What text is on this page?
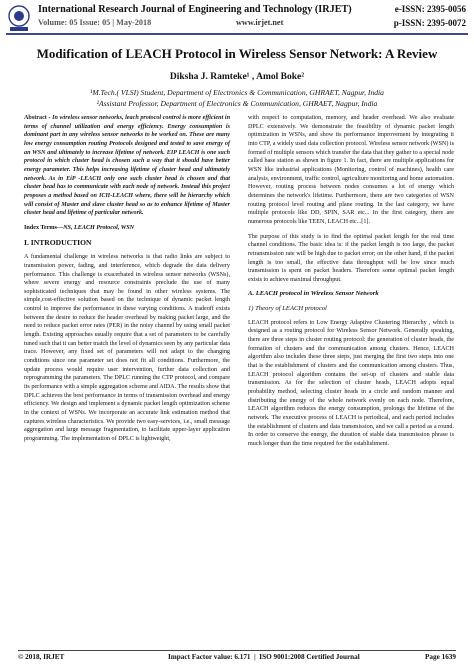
International Research Journal of Engineering and Technology (IRJET)	e-ISSN: 2395-0056
Volume: 05 Issue: 05 | May-2018	www.irjet.net	p-ISSN: 2395-0072
Modification of LEACH Protocol in Wireless Sensor Network: A Review
Diksha J. Ramteke¹ , Amol Boke²
¹M.Tech.( VLSI) Student, Department of Electronics & Communication, GHRAET, Nagpur, India
²Assistant Professor, Department of Electronics & Communication, GHRAET, Nagpur, India

Abstract - In wireless sensor networks, leach protocol control is more efficient in terms of channel utilization and energy efficiency. Energy consumption is dominant part in any wireless sensor networks to be worked on. These are many low energy consumption routing Protocols designed and tested to save energy of an WSN and ultimately to increase lifetime of network. EIP LEACH is one such protocol in which cluster head is chosen such a way that it should have better energy parameter. This helps increasing lifetime of cluster head and ultimately network. As in EiP -LEACH only one such cluster head is chosen and that cluster head has to communicate with each node of network. Instead this project proposes a method based on ICH-LEACH where, there will be hierarchy which will consist of Master and slave cluster head so as to enhance lifetime of Master cluster head and lifetime of particular network.

Index Terms—NS, LEACH Protocol, WSN

I. INTRODUCTION

A fundamental challenge in wireless networks is that radio links are subject to transmission power, fading, and interference, which degrade the data delivery performance. This challenge is exacerbated in wireless sensor networks (WSNs), where severe energy and resource constraints preclude the use of many sophisticated techniques that may be found in other wireless systems. The simple,cost-effective solution based on the technique of dynamic packet length control to improve the performance in these varying conditions. A tradeoff exists between the desire to reduce the header overhead by making packet large, and the need to reduce packet error rates (PER) in the noisy channel by using small packet length. Existing approaches usually require that a set of parameters to be carefully tuned such that it can better match the level of dynamics seen by any particular data trace. However, any fixed set of parameters will not adapt to the changing conditions since one parameter set does not fit all conditions. Furthermore, the update process would require user intervention, further data collection and reprogramming the parameters. The DPLC running the CTP protocol, and compare its performance with a simple aggregation scheme and AIDA. The results show that DPLC achieves the best performance in terms of transmission overhead and energy efficiency. We design and implement a dynamic packet length optimization scheme in the context of WSNs. We incorporate an accurate link estimation method that captures wireless characteristics. We provide two easy-services, i.e., small message aggregation and large message fragmentation, to facilitate upper-layer application programming. The implementation of DPLC is lightweight,

with respect to computation, memory, and header overhead. We also evaluate DPLC extensively. We demonstrate the feasibility of dynamic packet length optimization in WSNs, and show its performance improvement by integrating it into CTP, a widely used data collection protocol. Wireless sensor network (WSN) is formed of multiple sensors which transfer the data that they gather to a special node called base station as shown in figure 1. In fact, there are multiple applications for WSN like industrial applications (Monitoring, control of machines), health care analysis, environment, traffic control, agriculture monitoring and home automation. However, routing process between nodes consumes a lot of energy which determines the network's lifetime. Furthermore, there are two categories of WSN routing protocol level routing and plane routing. In the last category, we have multiple protocols like DD, SPIN, SAR etc... In the first category, there are numerous protocols like TEEN, LEACH etc...[1].

The purpose of this study is to find the optimal packet length for the real time channel conditions. The basic idea is: if the packet length is too large, the packet retransmission rate will be high due to packet error; on the other hand, if the packet length is too small, the effective data throughput will be low since much transmission is spent on packet headers. Therefore some optimal packet length exists to achieve maximal throughput.

A. LEACH protocol in Wireless Sensor Network
1) Theory of LEACH protocol

LEACH protocol refers to Low Energy Adaptive Clustering Hierarchy , which is designed as a routing protocol for Wireless Sensor Network. Generally speaking, there are three steps in cluster routing protocol: the generation of cluster heads, the formation of clusters and the communication among clusters. Hence, LEACH algorithm also includes these three steps, just merging the first two steps into one that is the establishment of clusters and the communication among clusters. Thus, LEACH protocol algorithm contains the set-up of clusters and stable data transmission. As for the selection of cluster heads, LEACH adopts equal probability method, selecting cluster heads in a circle and random manner and distributing the energy of the whole network evenly on each node. Therefore, LEACH algorithm reduces the energy consumption, prolongs the lifetime of the network. The executive process of LEACH is periodical, and each period includes the establishment of clusters and data transmission, and we call a period as a round. In order to conserve the energy, the duration of stable data transmission phrase is much longer than the time required for the establishment.

© 2018, IRJET	Impact Factor value: 6.171  |  ISO 9001:2008 Certified Journal	Page 1639
